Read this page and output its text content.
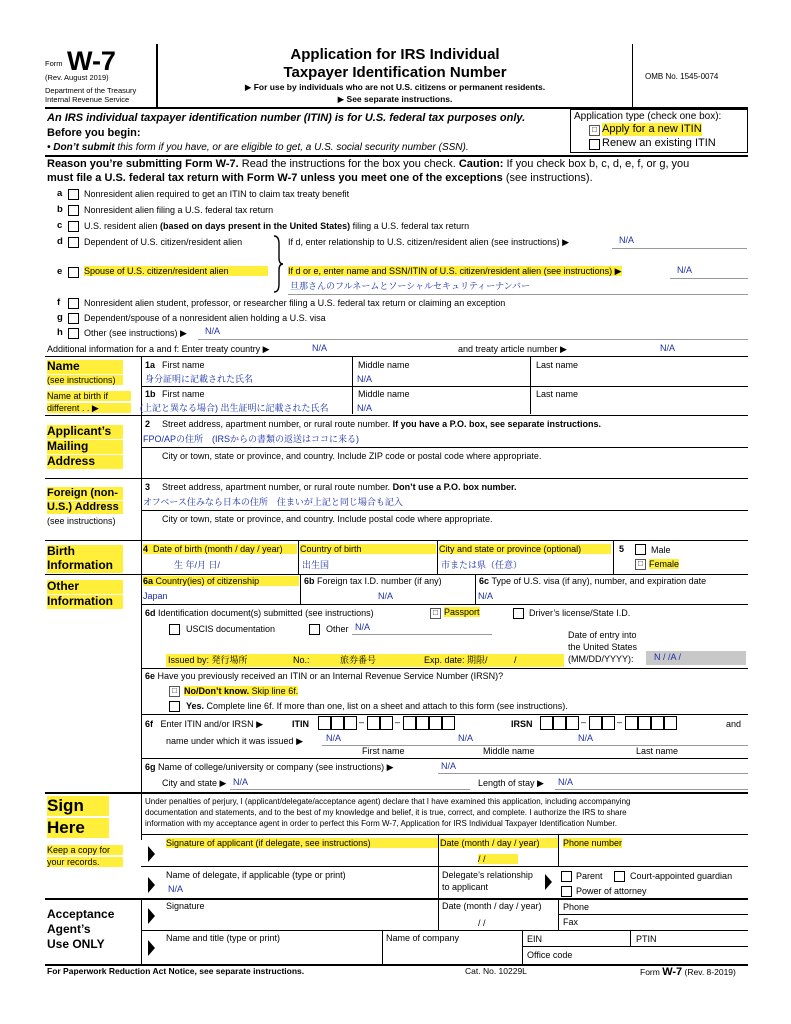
Form W-7
(Rev. August 2019)
Department of the Treasury
Internal Revenue Service
Application for IRS Individual
Taxpayer Identification Number
▶ For use by individuals who are not U.S. citizens or permanent residents.
▶ See separate instructions.
OMB No. 1545-0074
An IRS individual taxpayer identification number (ITIN) is for U.S. federal tax purposes only.
Before you begin:
• Don’t submit this form if you have, or are eligible to get, a U.S. social security number (SSN).
Application type (check one box):
☐ Apply for a new ITIN
Renew an existing ITIN
Reason you’re submitting Form W-7. Read the instructions for the box you check. Caution: If you check box b, c, d, e, f, or g, you
must file a U.S. federal tax return with Form W-7 unless you meet one of the exceptions (see instructions).
a Nonresident alien required to get an ITIN to claim tax treaty benefit
b Nonresident alien filing a U.S. federal tax return
c U.S. resident alien (based on days present in the United States) filing a U.S. federal tax return
d Dependent of U.S. citizen/resident alien	If d, enter relationship to U.S. citizen/resident alien (see instructions) ▶	N/A
e Spouse of U.S. citizen/resident alien	If d or e, enter name and SSN/ITIN of U.S. citizen/resident alien (see instructions) ▶	N/A
旦那さんのフルネームとソーシャルセキュリティーナンバー
f	Nonresident alien student, professor, or researcher filing a U.S. federal tax return or claiming an exception
g Dependent/spouse of a nonresident alien holding a U.S. visa
h Other (see instructions) ▶ N/A
Additional information for a and f: Enter treaty country ▶	N/A	and treaty article number ▶	N/A
Name
(see instructions)
Name at birth if
different . . ▶
1a First name	Middle name	Last name
身分証明に記載された氏名	N/A
1b First name	Middle name	Last name
(上記と異なる場合) 出生証明に記載された氏名	N/A
Applicant’s
Mailing
Address
2 Street address, apartment number, or rural route number. If you have a P.O. box, see separate instructions.
FPO/APの住所　(IRSからの書類の返送はココに来る)
City or town, state or province, and country. Include ZIP code or postal code where appropriate.
Foreign (non-
U.S.) Address
(see instructions)
3 Street address, apartment number, or rural route number. Don’t use a P.O. box number.
オフベース住みなら日本の住所　住まいが上記と同じ場合も記入
City or town, state or province, and country. Include postal code where appropriate.
Birth
Information
4 Date of birth (month / day / year)	Country of birth	City and state or province (optional)	5	Male
生 年/月 日/	出生国	市または県（任意）	☐ Female
Other
Information
6a Country(ies) of citizenship	6b Foreign tax I.D. number (if any)	6c Type of U.S. visa (if any), number, and expiration date
Japan	N/A	N/A
6d Identification document(s) submitted (see instructions)	☐ Passport	Driver’s license/State I.D.
USCIS documentation	Other N/A
Date of entry into
the United States
(MM/DD/YYYY): N / /A /
Issued by: 発行場所	No.:	旅券番号	Exp. date: 期限/	/
6e Have you previously received an ITIN or an Internal Revenue Service Number (IRSN)?
☐ No/Don’t know. Skip line 6f.
Yes. Complete line 6f. If more than one, list on a sheet and attach to this form (see instructions).
6f Enter ITIN and/or IRSN ▶	ITIN	–	–	IRSN	–	–	and
name under which it was issued ▶	N/A	N/A	N/A
First name	Middle name	Last name
6g Name of college/university or company (see instructions) ▶	N/A
City and state ▶ N/A	Length of stay ▶ N/A
Sign
Here
Keep a copy for
your records.
Under penalties of perjury, I (applicant/delegate/acceptance agent) declare that I have examined this application, including accompanying
documentation and statements, and to the best of my knowledge and belief, it is true, correct, and complete. I authorize the IRS to share
information with my acceptance agent in order to perfect this Form W-7, Application for IRS Individual Taxpayer Identification Number.
Signature of applicant (if delegate, see instructions)	Date (month / day / year)
/ /
Phone number
Name of delegate, if applicable (type or print)
N/A
Delegate’s relationship
to applicant
Parent	Court-appointed guardian
Power of attorney
Acceptance
Agent’s
Use ONLY
Signature	Date (month / day / year)
/ /
Phone
Fax
Name and title (type or print)	Name of company	EIN	PTIN
Office code
For Paperwork Reduction Act Notice, see separate instructions.	Cat. No. 10229L	Form W-7 (Rev. 8-2019)
